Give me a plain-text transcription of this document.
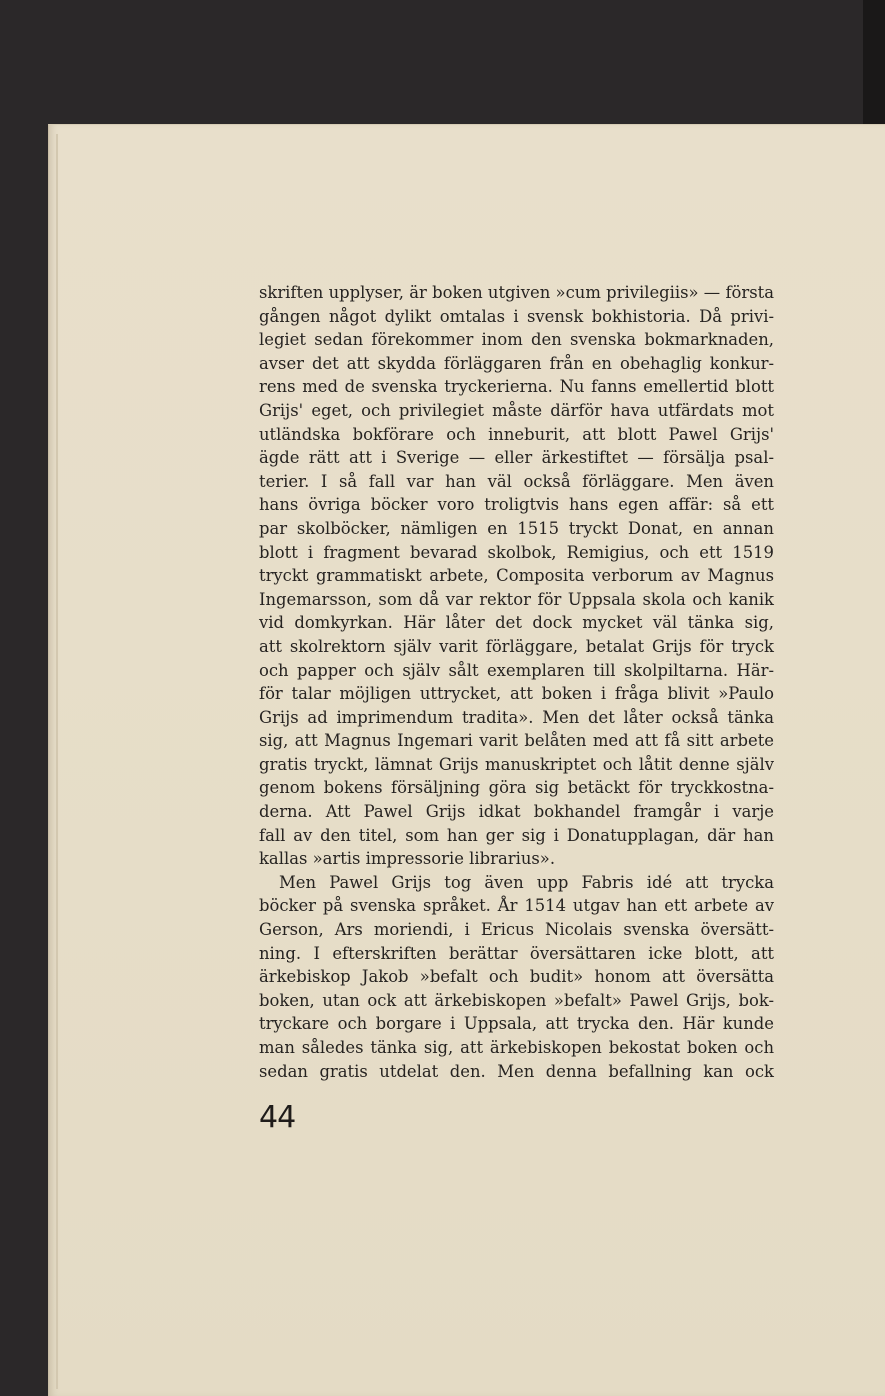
skriften upplyser, är boken utgiven »cum privilegiis» — första
gången något dylikt omtalas i svensk bokhistoria. Då privi-
legiet sedan förekommer inom den svenska bokmarknaden,
avser det att skydda förläggaren från en obehaglig konkur-
rens med de svenska tryckerierna. Nu fanns emellertid blott
Grijs' eget, och privilegiet måste därför hava utfärdats mot
utländska bokförare och inneburit, att blott Pawel Grijs'
ägde rätt att i Sverige — eller ärkestiftet — försälja psal-
terier. I så fall var han väl också förläggare. Men även
hans övriga böcker voro troligtvis hans egen affär: så ett
par skolböcker, nämligen en 1515 tryckt Donat, en annan
blott i fragment bevarad skolbok, Remigius, och ett 1519
tryckt grammatiskt arbete, Composita verborum av Magnus
Ingemarsson, som då var rektor för Uppsala skola och kanik
vid domkyrkan. Här låter det dock mycket väl tänka sig,
att skolrektorn själv varit förläggare, betalat Grijs för tryck
och papper och själv sålt exemplaren till skolpiltarna. Här-
för talar möjligen uttrycket, att boken i fråga blivit »Paulo
Grijs ad imprimendum tradita». Men det låter också tänka
sig, att Magnus Ingemari varit belåten med att få sitt arbete
gratis tryckt, lämnat Grijs manuskriptet och låtit denne själv
genom bokens försäljning göra sig betäckt för tryckkostna-
derna. Att Pawel Grijs idkat bokhandel framgår i varje
fall av den titel, som han ger sig i Donatupplagan, där han
kallas »artis impressorie librarius».
Men Pawel Grijs tog även upp Fabris idé att trycka
böcker på svenska språket. År 1514 utgav han ett arbete av
Gerson, Ars moriendi, i Ericus Nicolais svenska översätt-
ning. I efterskriften berättar översättaren icke blott, att
ärkebiskop Jakob »befalt och budit» honom att översätta
boken, utan ock att ärkebiskopen »befalt» Pawel Grijs, bok-
tryckare och borgare i Uppsala, att trycka den. Här kunde
man således tänka sig, att ärkebiskopen bekostat boken och
sedan gratis utdelat den. Men denna befallning kan ock
44
